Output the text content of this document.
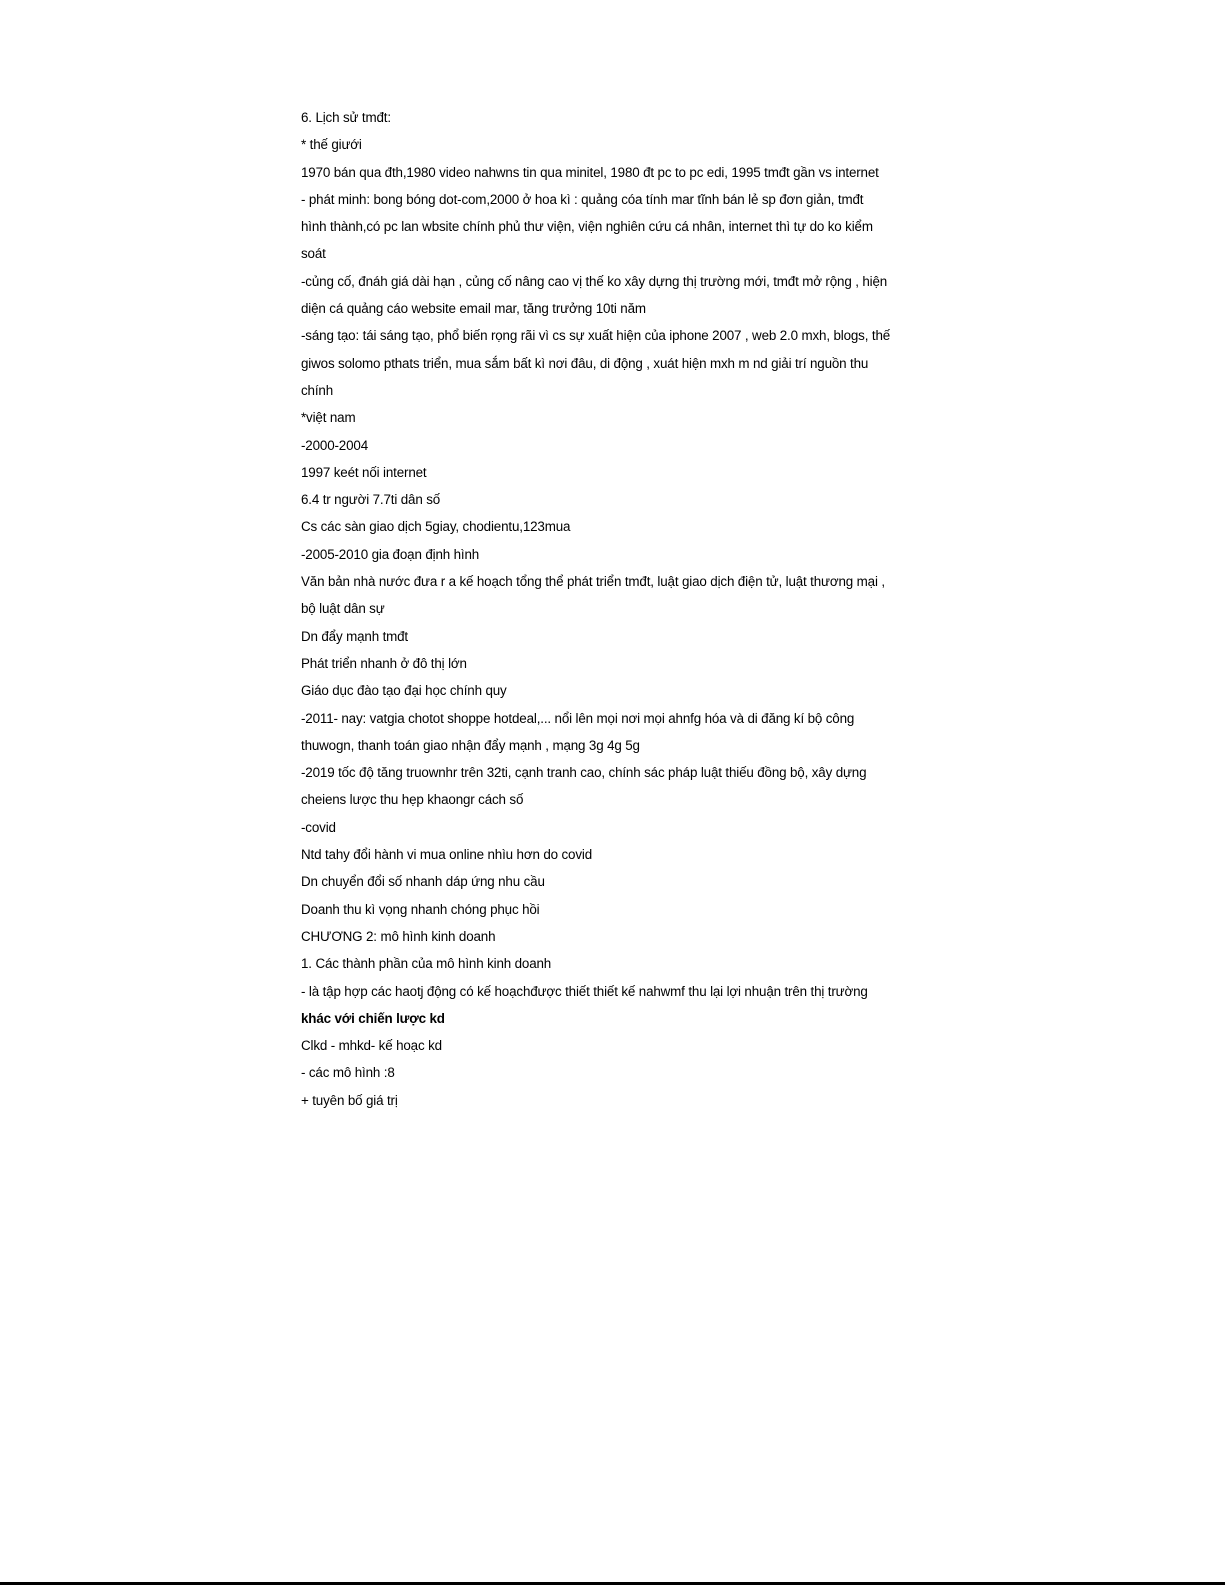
6. Lịch sử tmđt:
* thế giưới
1970 bán qua đth,1980 video nahwns tin qua minitel, 1980 đt pc to pc edi, 1995 tmđt gần vs internet
- phát minh: bong bóng dot-com,2000 ở hoa kì : quảng cóa tính mar tĩnh bán lẻ sp đơn giản, tmđt
hình thành,có pc lan wbsite chính phủ thư viện, viện nghiên cứu cá nhân, internet thì tự do ko kiểm
soát
-củng cố, đnáh giá dài hạn , củng cố nâng cao vị thế ko xây dựng thị trường mới, tmđt mở rộng , hiện
diện cá quảng cáo website email mar, tăng trưởng 10ti năm
-sáng tạo: tái sáng tạo, phổ biến rọng rãi vì cs sự xuất hiện của iphone 2007 , web 2.0 mxh, blogs, thế
giwos solomo pthats triển, mua sắm bất kì nơi đâu, di động , xuát hiện mxh m nd giải trí nguồn thu
chính
*việt nam
-2000-2004
1997 keét nối internet
6.4 tr người 7.7ti dân số
Cs các sàn giao dịch 5giay, chodientu,123mua
-2005-2010 gia đoạn định hình
Văn bản nhà nước đưa r a kế hoạch tổng thể phát triển tmđt, luật giao dịch điện tử, luật thương mại ,
bộ luật dân sự
Dn đẩy mạnh tmđt
Phát triển nhanh ở đô thị lớn
Giáo dục đào tạo đại học chính quy
-2011- nay: vatgia chotot shoppe hotdeal,... nổi lên mọi nơi mọi ahnfg hóa và di đăng kí bộ công
thuwogn, thanh toán giao nhận đẩy mạnh , mạng 3g 4g 5g
-2019 tốc độ tăng truownhr trên 32ti, cạnh tranh cao, chính sác pháp luật thiếu đồng bộ, xây dựng
cheiens lược thu hẹp khaongr cách số
-covid
Ntd tahy đổi hành vi mua online nhìu hơn do covid
Dn chuyển đổi số nhanh dáp ứng nhu cầu
Doanh thu kì vọng nhanh chóng phục hồi
CHƯƠNG 2: mô hình kinh doanh
1. Các thành phần của mô hình kinh doanh
- là tập hợp các haotj động có kế hoạchđược thiết thiết kế nahwmf thu lại lợi nhuận trên thị trường
khác với chiến lược kd
Clkd - mhkd- kế hoạc kd
- các mô hình :8
+ tuyên bố giá trị
